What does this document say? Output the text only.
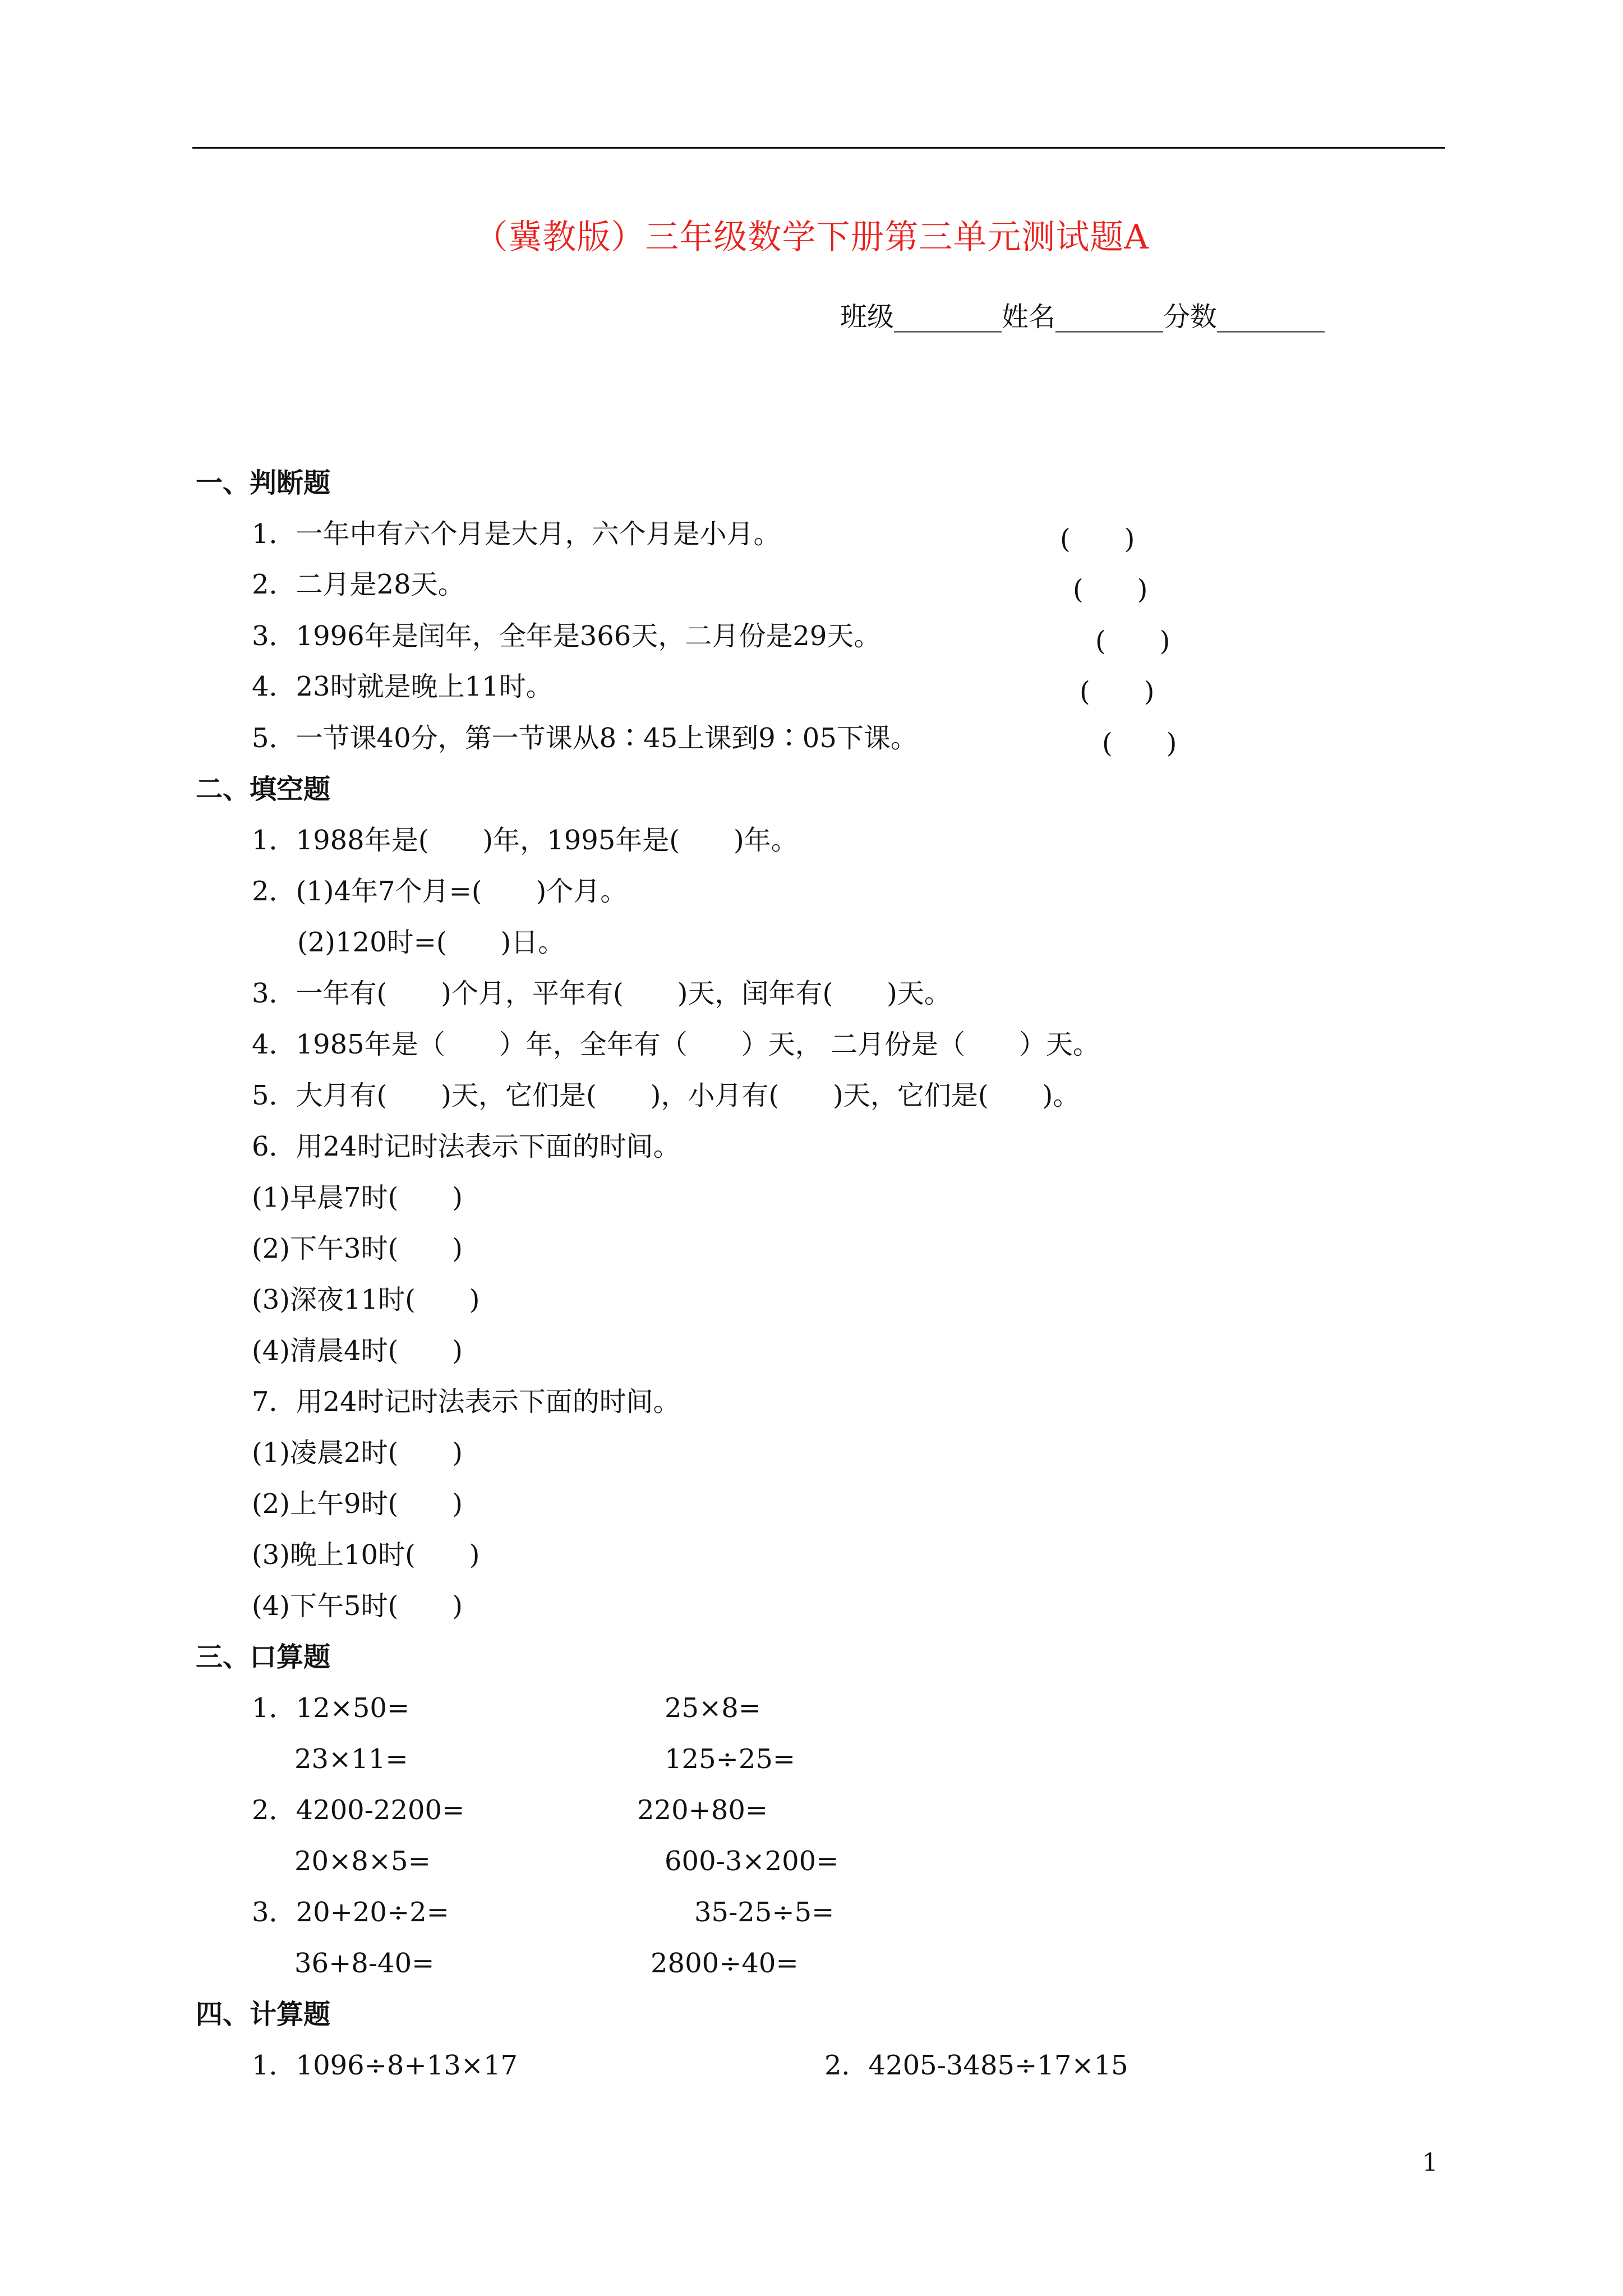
（冀教版）三年级数学下册第三单元测试题A
班级________姓名________分数________
一、判断题
1．一年中有六个月是大月，六个月是小月。	(　　)
2．二月是28天。	(　　)
3．1996年是闰年，全年是366天，二月份是29天。	(　　)
4．23时就是晚上11时。	(　　)
5．一节课40分，第一节课从8∶45上课到9∶05下课。	(　　)
二、填空题
1．1988年是(　　)年，1995年是(　　)年。
2．(1)4年7个月=(　　)个月。
(2)120时=(　　)日。
3．一年有(　　)个月，平年有(　　)天，闰年有(　　)天。
4．1985年是（　　）年，全年有（　　）天， 二月份是（　　）天。
5．大月有(　　)天，它们是(　　)，小月有(　　)天，它们是(　　)。
6．用24时记时法表示下面的时间。
(1)早晨7时(　　)
(2)下午3时(　　)
(3)深夜11时(　　)
(4)清晨4时(　　)
7．用24时记时法表示下面的时间。
(1)凌晨2时(　　)
(2)上午9时(　　)
(3)晚上10时(　　)
(4)下午5时(　　)
三、口算题
1．12×50=	25×8=
23×11=	125÷25=
2．4200-2200=	220+80=
20×8×5=	600-3×200=
3．20+20÷2=	35-25÷5=
36+8-40=	2800÷40=
四、计算题
1．1096÷8+13×17	2．4205-3485÷17×15
1
